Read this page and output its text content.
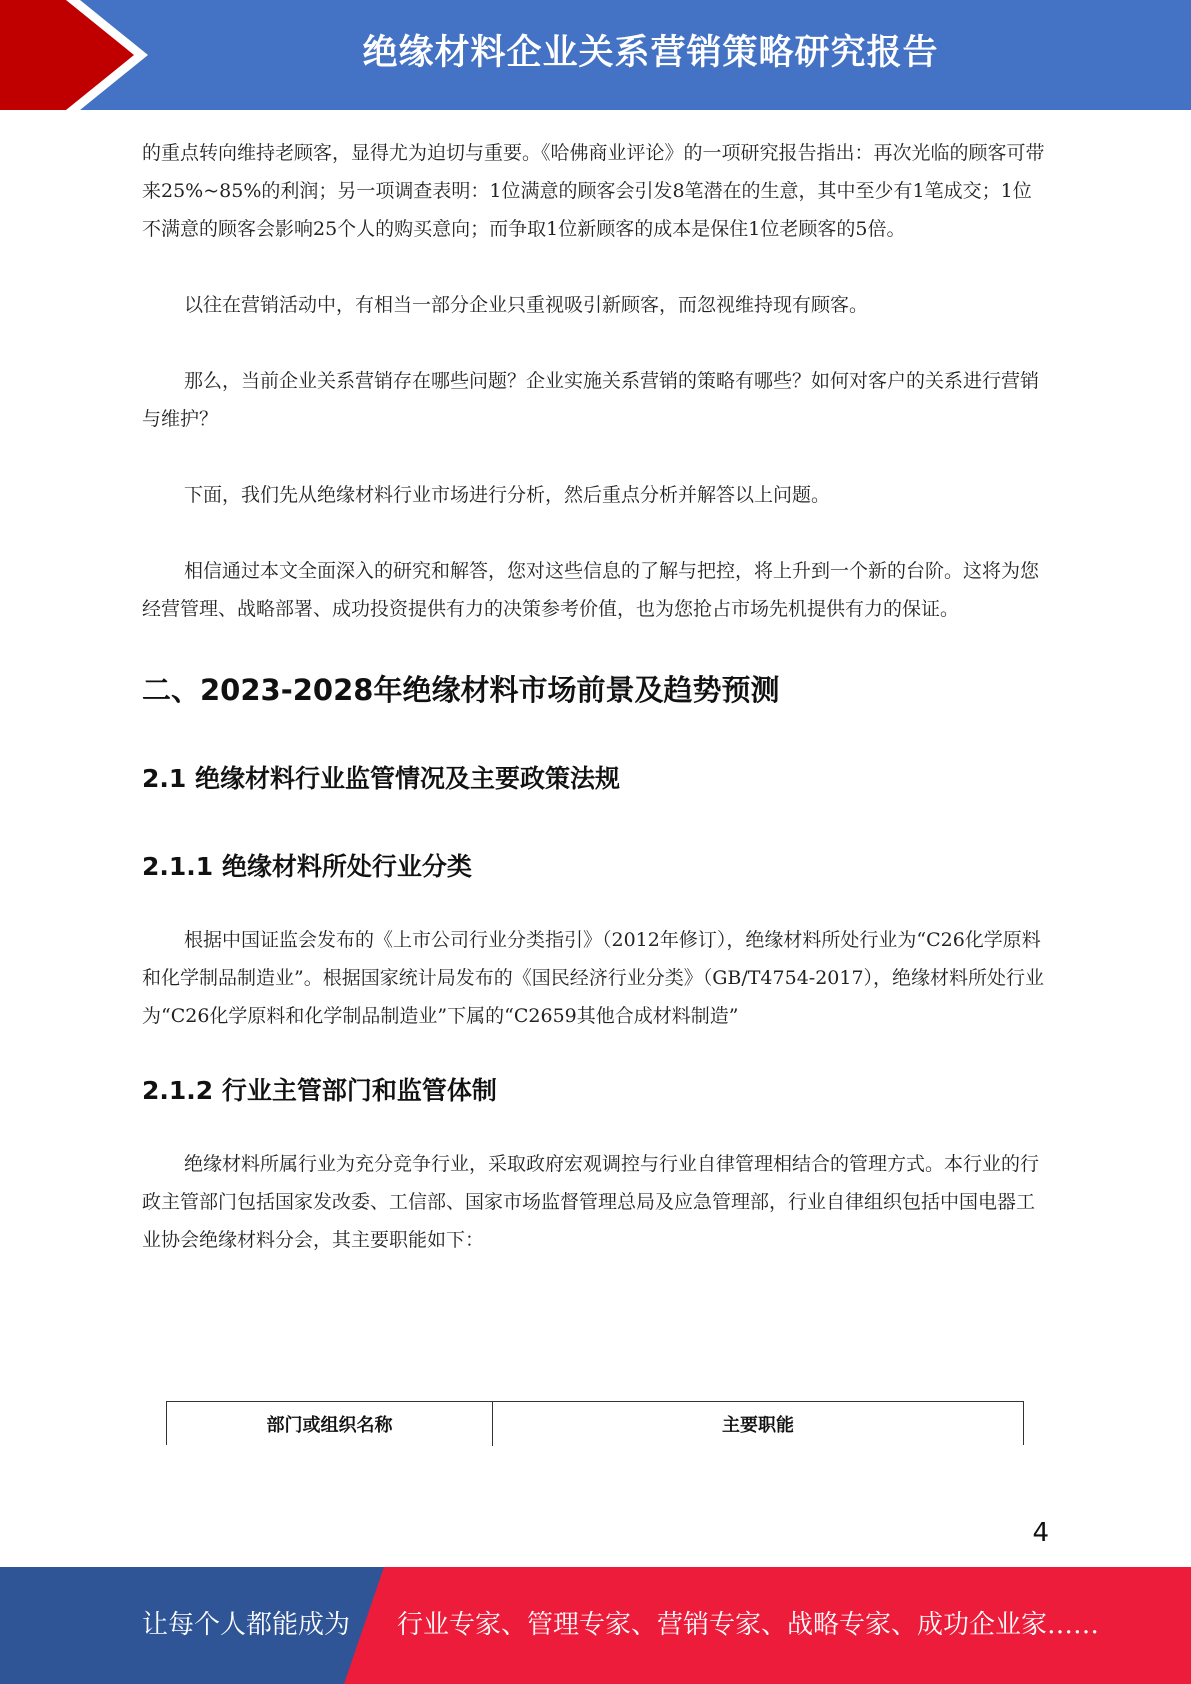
绝缘材料企业关系营销策略研究报告

的重点转向维持老顾客，显得尤为迫切与重要。《哈佛商业评论》的一项研究报告指出：再次光临的顾客可带来25%~85%的利润；另一项调查表明：1位满意的顾客会引发8笔潜在的生意，其中至少有1笔成交；1位不满意的顾客会影响25个人的购买意向；而争取1位新顾客的成本是保住1位老顾客的5倍。

以往在营销活动中，有相当一部分企业只重视吸引新顾客，而忽视维持现有顾客。

那么，当前企业关系营销存在哪些问题？企业实施关系营销的策略有哪些？如何对客户的关系进行营销与维护？

下面，我们先从绝缘材料行业市场进行分析，然后重点分析并解答以上问题。

相信通过本文全面深入的研究和解答，您对这些信息的了解与把控，将上升到一个新的台阶。这将为您经营管理、战略部署、成功投资提供有力的决策参考价值，也为您抢占市场先机提供有力的保证。

二、2023-2028年绝缘材料市场前景及趋势预测
2.1 绝缘材料行业监管情况及主要政策法规
2.1.1 绝缘材料所处行业分类

根据中国证监会发布的《上市公司行业分类指引》（2012年修订），绝缘材料所处行业为“C26化学原料和化学制品制造业”。根据国家统计局发布的《国民经济行业分类》（GB/T4754-2017），绝缘材料所处行业为“C26化学原料和化学制品制造业”下属的“C2659其他合成材料制造”

2.1.2 行业主管部门和监管体制

绝缘材料所属行业为充分竞争行业，采取政府宏观调控与行业自律管理相结合的管理方式。本行业的行政主管部门包括国家发改委、工信部、国家市场监督管理总局及应急管理部，行业自律组织包括中国电器工业协会绝缘材料分会，其主要职能如下：

部门或组织名称	主要职能
4
让每个人都能成为 行业专家、管理专家、营销专家、战略专家、成功企业家……
